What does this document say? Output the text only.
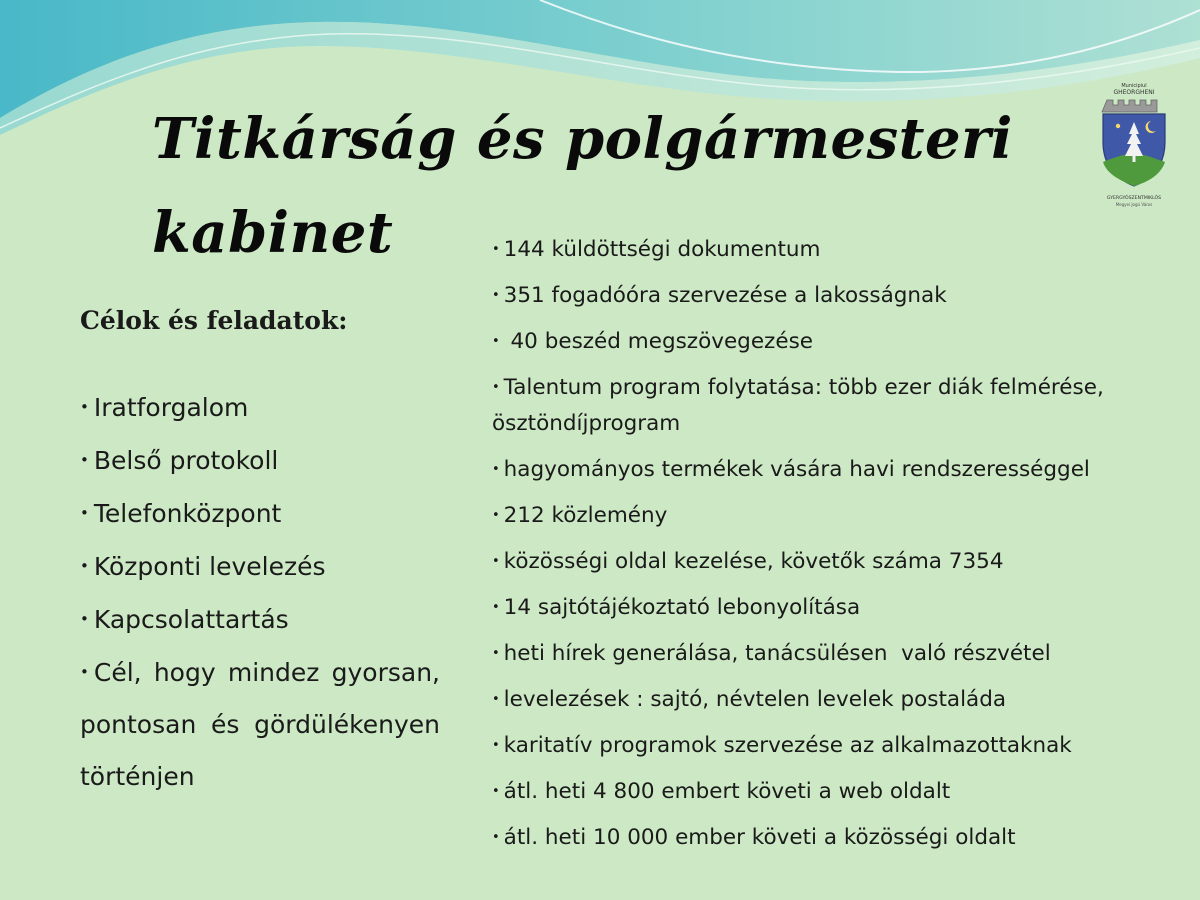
Titkárság és polgármesteri
kabinet
Municipiul
GHEORGHENI
GYERGYÓSZENTMIKLÓS
Megyei Jogú Város
Célok és feladatok:
• Iratforgalom
• Belső protokoll
• Telefonközpont
• Központi levelezés
• Kapcsolattartás
• Cél, hogy mindez gyorsan, pontosan és gördülékenyen történjen
• 144 küldöttségi dokumentum
• 351 fogadóóra szervezése a lakosságnak
• 40 beszéd megszövegezése
• Talentum program folytatása: több ezer diák felmérése, ösztöndíjprogram
• hagyományos termékek vására havi rendszerességgel
• 212 közlemény
• közösségi oldal kezelése, követők száma 7354
• 14 sajtótájékoztató lebonyolítása
• heti hírek generálása, tanácsülésen  való részvétel
• levelezések : sajtó, névtelen levelek postaláda
• karitatív programok szervezése az alkalmazottaknak
• átl. heti 4 800 embert követi a web oldalt
• átl. heti 10 000 ember követi a közösségi oldalt
